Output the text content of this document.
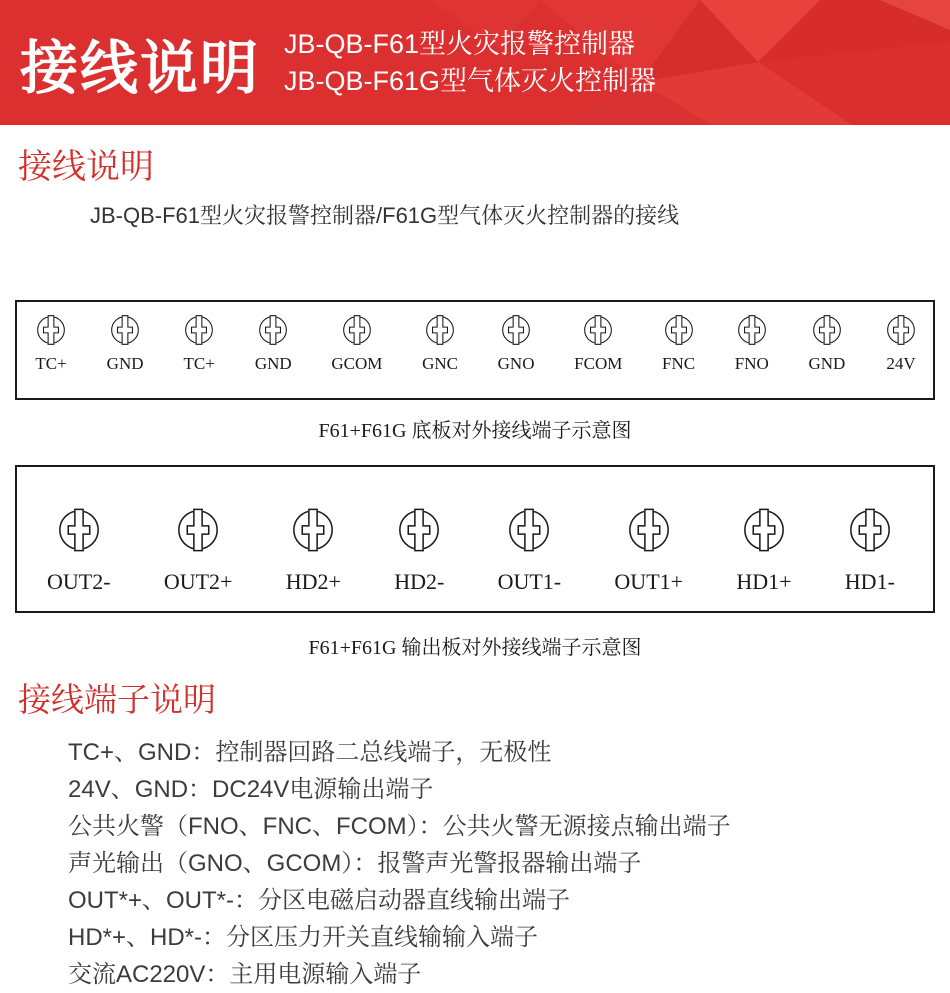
接线说明 JB-QB-F61型火灾报警控制器
JB-QB-F61G型气体灭火控制器
接线说明

JB-QB-F61型火灾报警控制器/F61G型气体灭火控制器的接线

TC+ GND TC+ GND GCOM GNC GNO FCOM FNC FNO GND 24V
F61+F61G 底板对外接线端子示意图
OUT2- OUT2+ HD2+ HD2- OUT1- OUT1+ HD1+ HD1-
F61+F61G 输出板对外接线端子示意图
接线端子说明
TC+、GND：控制器回路二总线端子，无极性
24V、GND：DC24V电源输出端子
公共火警（FNO、FNC、FCOM）：公共火警无源接点输出端子
声光输出（GNO、GCOM）：报警声光警报器输出端子
OUT*+、OUT*-：分区电磁启动器直线输出端子
HD*+、HD*-：分区压力开关直线输输入端子
交流AC220V：主用电源输入端子
